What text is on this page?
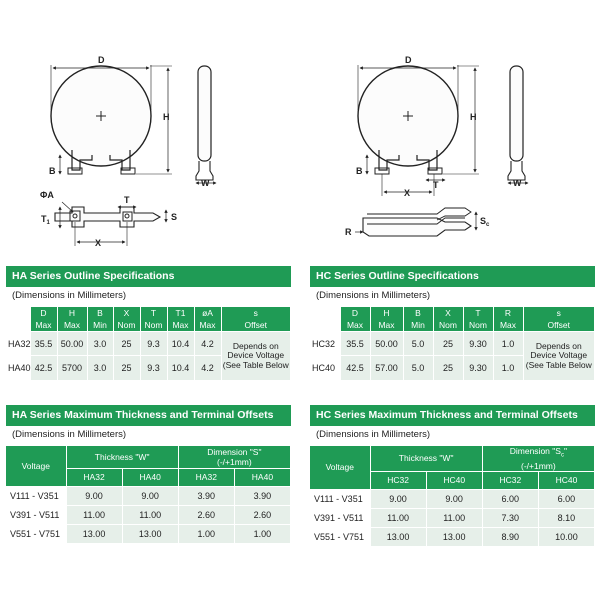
D
H
B
W
ΦA
$T_1$
T
X
S
D
H
B
X
T	W
R
$S_c$
HA Series Outline Specifications
(Dimensions in Millimeters)
	D	H	B	X	T	T1	øA	s
	Max	Max	Min	Nom	Nom	Max	Max	Offset
HA32	35.5	50.00	3.0	25	9.3	10.4	4.2	Depends on Device Voltage (See Table Below
HA40	42.5	5700	3.0	25	9.3	10.4	4.2	
HC Series Outline Specifications
(Dimensions in Millimeters)
	D	H	B	X	T	R	s
	Max	Max	Min	Nom	Nom	Max	Offset
HC32	35.5	50.00	5.0	25	9.30	1.0	Depends on Device Voltage (See Table Below
HC40	42.5	57.00	5.0	25	9.30	1.0	
HA Series Maximum Thickness and Terminal Offsets
(Dimensions in Millimeters)
Voltage	Thickness "W"		Dimension "S"
(-/+1mm)	
	HA32	HA40	HA32	HA40
V111 - V351	9.00	9.00	3.90	3.90
V391 - V511	11.00	11.00	2.60	2.60
V551 - V751	13.00	13.00	1.00	1.00
HC Series Maximum Thickness and Terminal Offsets
(Dimensions in Millimeters)
Voltage	Thickness "W"		Dimension "$S_c$"
(-/+1mm)	
	HC32	HC40	HC32	HC40
V111 - V351	9.00	9.00	6.00	6.00
V391 - V511	11.00	11.00	7.30	8.10
V551 - V751	13.00	13.00	8.90	10.00
